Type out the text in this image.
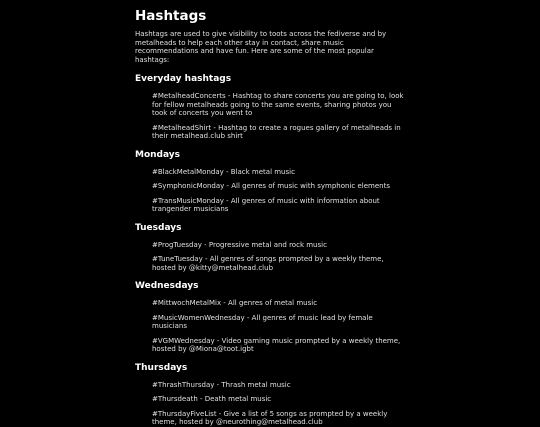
Hashtags

Hashtags are used to give visibility to toots across the fediverse and by metalheads to help each other stay in contact, share music recommendations and have fun. Here are some of the most popular hashtags:

Everyday hashtags
#MetalheadConcerts - Hashtag to share concerts you are going to, look for fellow metalheads going to the same events, sharing photos you took of concerts you went to
#MetalheadShirt - Hashtag to create a rogues gallery of metalheads in their metalhead.club shirt
Mondays
#BlackMetalMonday - Black metal music
#SymphonicMonday - All genres of music with symphonic elements
#TransMusicMonday - All genres of music with information about trangender musicians
Tuesdays
#ProgTuesday - Progressive metal and rock music
#TuneTuesday - All genres of songs prompted by a weekly theme, hosted by @kitty@metalhead.club
Wednesdays
#MittwochMetalMix - All genres of metal music
#MusicWomenWednesday - All genres of music lead by female musicians
#VGMWednesday - Video gaming music prompted by a weekly theme, hosted by @Miona@toot.igbt
Thursdays
#ThrashThursday - Thrash metal music
#Thursdeath - Death metal music
#ThursdayFiveList - Give a list of 5 songs as prompted by a weekly theme, hosted by @neurothing@metalhead.club
